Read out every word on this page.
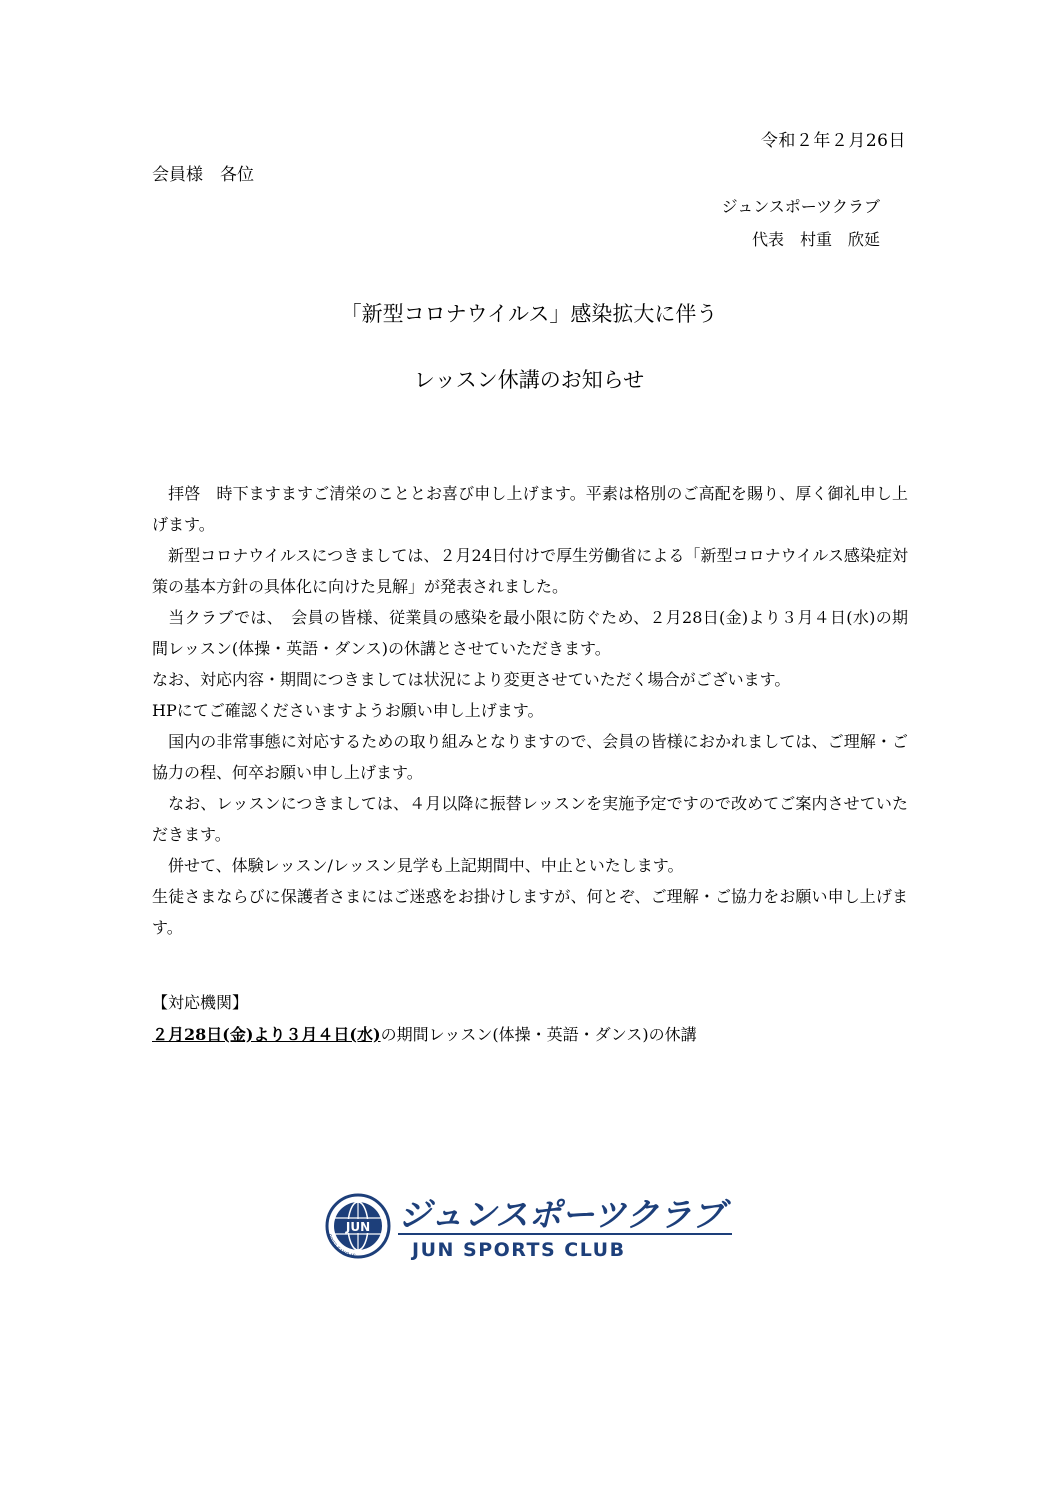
令和２年２月26日
会員様　各位
ジュンスポーツクラブ
代表　村重　欣延
「新型コロナウイルス」感染拡大に伴う
レッスン休講のお知らせ

　拝啓　時下ますますご清栄のこととお喜び申し上げます。平素は格別のご高配を賜り、厚く御礼申し上げます。

　新型コロナウイルスにつきましては、２月24日付けで厚生労働省による「新型コロナウイルス感染症対策の基本方針の具体化に向けた見解」が発表されました。

　当クラブでは、　会員の皆様、従業員の感染を最小限に防ぐため、２月28日(金)より３月４日(水)の期間レッスン(体操・英語・ダンス)の休講とさせていただきます。

なお、対応内容・期間につきましては状況により変更させていただく場合がございます。

HPにてご確認くださいますようお願い申し上げます。

　国内の非常事態に対応するための取り組みとなりますので、会員の皆様におかれましては、ご理解・ご協力の程、何卒お願い申し上げます。

　なお、レッスンにつきましては、４月以降に振替レッスンを実施予定ですので改めてご案内させていただきます。

　併せて、体験レッスン/レッスン見学も上記期間中、中止といたします。

生徒さまならびに保護者さまにはご迷惑をお掛けしますが、何とぞ、ご理解・ご協力をお願い申し上げます。

【対応機関】
２月28日(金)より３月４日(水)の期間レッスン(体操・英語・ダンス)の休講
JUN
SPORTS CLUB
ジュンスポーツクラブ
JUN SPORTS CLUB
